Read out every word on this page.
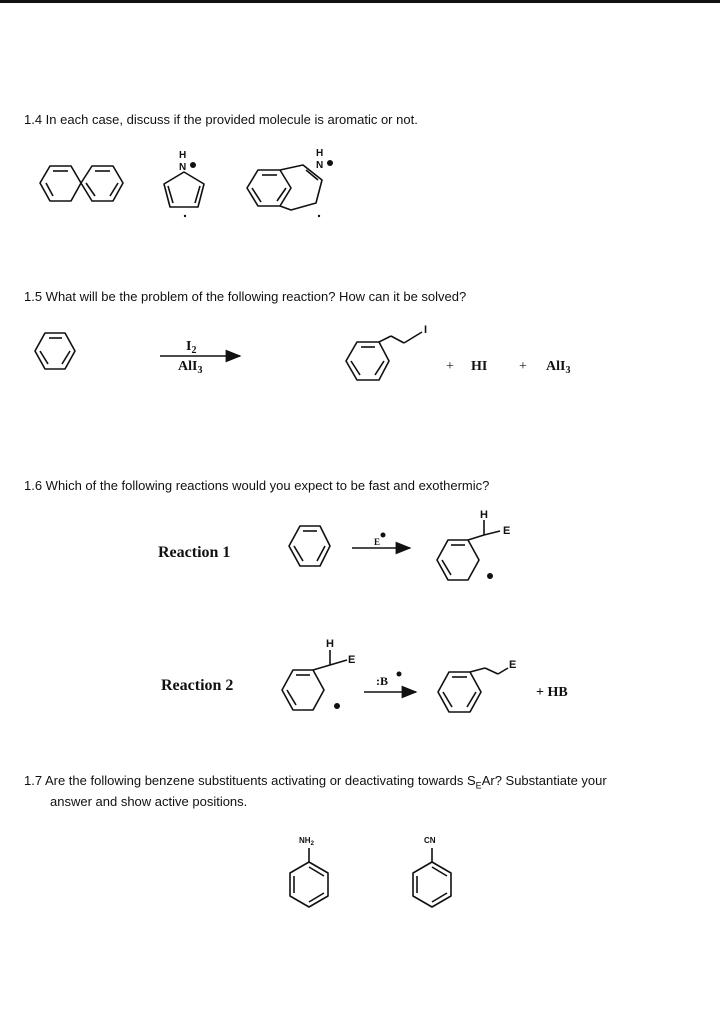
1.4 In each case, discuss if the provided molecule is aromatic or not.
1.5 What will be the problem of the following reaction? How can it be solved?
1.6 Which of the following reactions would you expect to be fast and exothermic?
1.7 Are the following benzene substituents activating or deactivating towards $S_EAr$? Substantiate your
answer and show active positions.
Reaction 1
Reaction 2
H
N
H
N
$I_2$
AlI$_3$
I
+ HI + AlI$_3$
E
H
E
H
E
:B
E
+ HB
$NH_2$	CN
